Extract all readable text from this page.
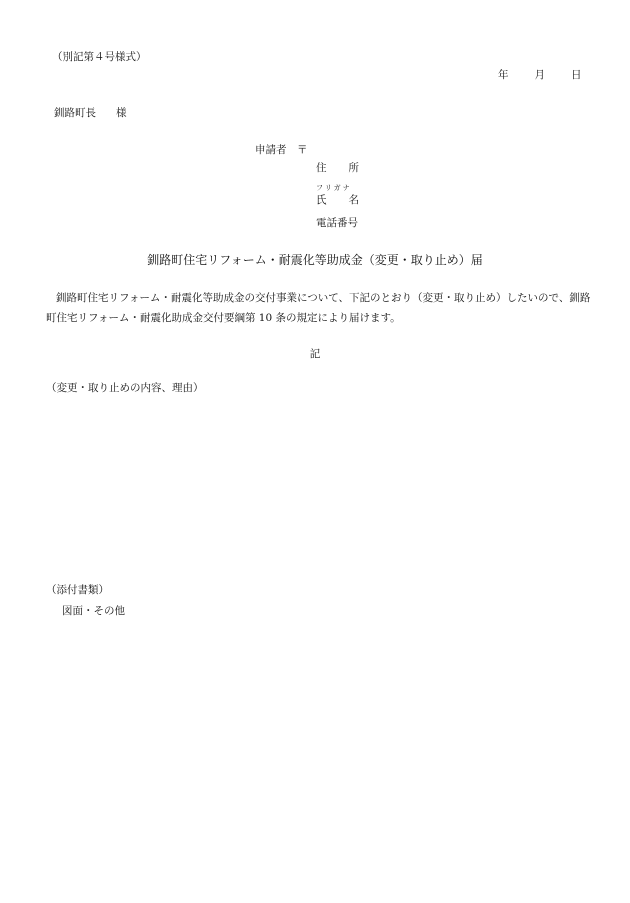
（別記第４号様式）
年 月 日
釧路町長 様
申請者 〒
住 所
フリガナ
氏 名
電話番号
釧路町住宅リフォーム・耐震化等助成金（変更・取り止め）届
釧路町住宅リフォーム・耐震化等助成金の交付事業について、下記のとおり（変更・取り止め）したいので、釧路町住宅リフォーム・耐震化助成金交付要綱第 10 条の規定により届けます。
記
（変更・取り止めの内容、理由）
（添付書類）
図面・その他
